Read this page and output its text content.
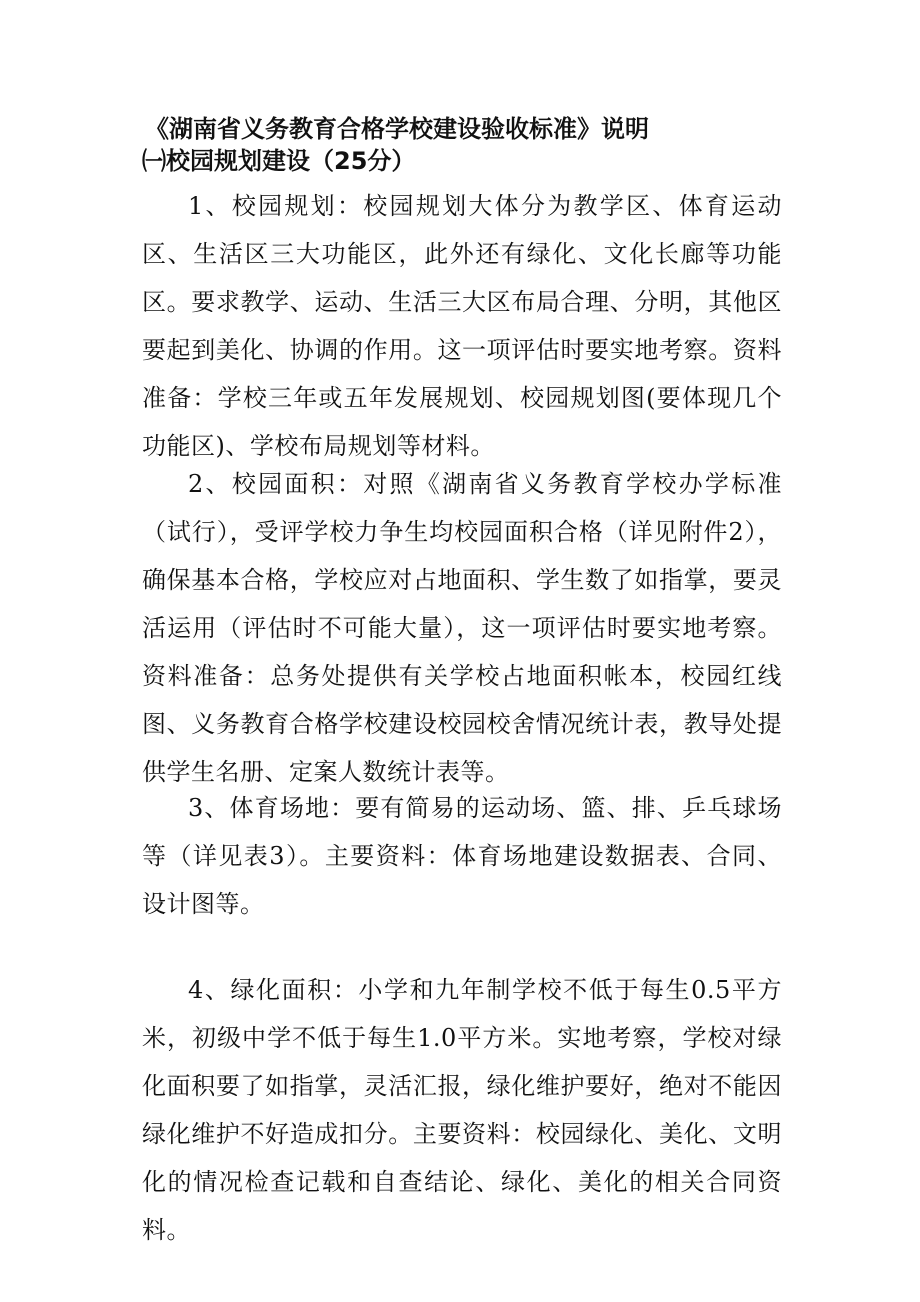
《湖南省义务教育合格学校建设验收标准》说明
㈠校园规划建设（25分）

1、校园规划：校园规划大体分为教学区、体育运动区、生活区三大功能区，此外还有绿化、文化长廊等功能区。要求教学、运动、生活三大区布局合理、分明，其他区要起到美化、协调的作用。这一项评估时要实地考察。资料准备：学校三年或五年发展规划、校园规划图(要体现几个功能区)、学校布局规划等材料。

2、校园面积：对照《湖南省义务教育学校办学标准（试行），受评学校力争生均校园面积合格（详见附件2），确保基本合格，学校应对占地面积、学生数了如指掌，要灵活运用（评估时不可能大量），这一项评估时要实地考察。资料准备：总务处提供有关学校占地面积帐本，校园红线图、义务教育合格学校建设校园校舍情况统计表，教导处提供学生名册、定案人数统计表等。

3、体育场地：要有简易的运动场、篮、排、乒乓球场等（详见表3）。主要资料：体育场地建设数据表、合同、设计图等。

4、绿化面积：小学和九年制学校不低于每生0.5平方米，初级中学不低于每生1.0平方米。实地考察，学校对绿化面积要了如指掌，灵活汇报，绿化维护要好，绝对不能因绿化维护不好造成扣分。主要资料：校园绿化、美化、文明化的情况检查记载和自查结论、绿化、美化的相关合同资料。
